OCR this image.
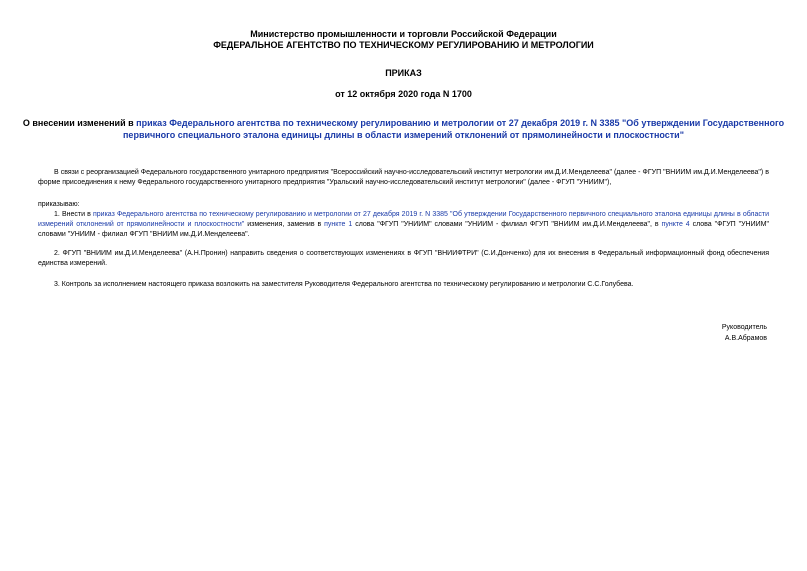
Министерство промышленности и торговли Российской Федерации
ФЕДЕРАЛЬНОЕ АГЕНТСТВО ПО ТЕХНИЧЕСКОМУ РЕГУЛИРОВАНИЮ И МЕТРОЛОГИИ
ПРИКАЗ
от 12 октября 2020 года N 1700
О внесении изменений в приказ Федерального агентства по техническому регулированию и метрологии от 27 декабря 2019 г. N 3385 "Об утверждении Государственного первичного специального эталона единицы длины в области измерений отклонений от прямолинейности и плоскостности"
В связи с реорганизацией Федерального государственного унитарного предприятия "Всероссийский научно-исследовательский институт метрологии им.Д.И.Менделеева" (далее - ФГУП "ВНИИМ им.Д.И.Менделеева") в форме присоединения к нему Федерального государственного унитарного предприятия "Уральский научно-исследовательский институт метрологии" (далее - ФГУП "УНИИМ"),
приказываю:
1. Внести в приказ Федерального агентства по техническому регулированию и метрологии от 27 декабря 2019 г. N 3385 "Об утверждении Государственного первичного специального эталона единицы длины в области измерений отклонений от прямолинейности и плоскостности" изменения, заменив в пункте 1 слова "ФГУП "УНИИМ" словами "УНИИМ - филиал ФГУП "ВНИИМ им.Д.И.Менделеева", в пункте 4 слова "ФГУП "УНИИМ" словами "УНИИМ - филиал ФГУП "ВНИИМ им.Д.И.Менделеева".
2. ФГУП "ВНИИМ им.Д.И.Менделеева" (А.Н.Пронин) направить сведения о соответствующих изменениях в ФГУП "ВНИИФТРИ" (С.И.Донченко) для их внесения в Федеральный информационный фонд обеспечения единства измерений.
3. Контроль за исполнением настоящего приказа возложить на заместителя Руководителя Федерального агентства по техническому регулированию и метрологии С.С.Голубева.
Руководитель
А.В.Абрамов
